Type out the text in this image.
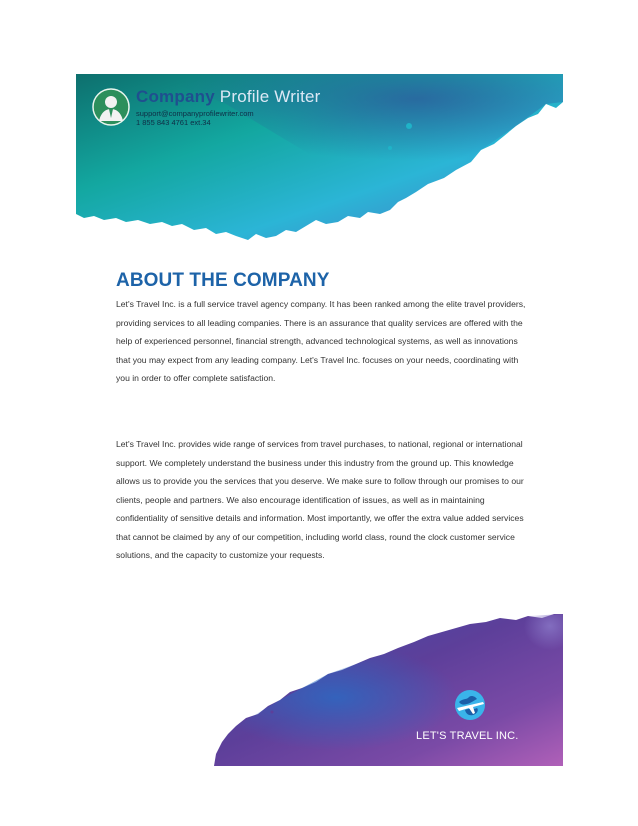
Company Profile Writer
support@companyprofilewriter.com
1 855 843 4761 ext.34
ABOUT THE COMPANY

Let's Travel Inc. is a full service travel agency company. It has been ranked among the elite travel providers, providing services to all leading companies. There is an assurance that quality services are offered with the help of experienced personnel, financial strength, advanced technological systems, as well as innovations that you may expect from any leading company. Let's Travel Inc. focuses on your needs, coordinating with you in order to offer complete satisfaction.

Let's Travel Inc. provides wide range of services from travel purchases, to national, regional or international support. We completely understand the business under this industry from the ground up. This knowledge allows us to provide you the services that you deserve. We make sure to follow through our promises to our clients, people and partners. We also encourage identification of issues, as well as in maintaining confidentiality of sensitive details and information. Most importantly, we offer the extra value added services that cannot be claimed by any of our competition, including world class, round the clock customer service solutions, and the capacity to customize your requests.

LET'S TRAVEL INC.
